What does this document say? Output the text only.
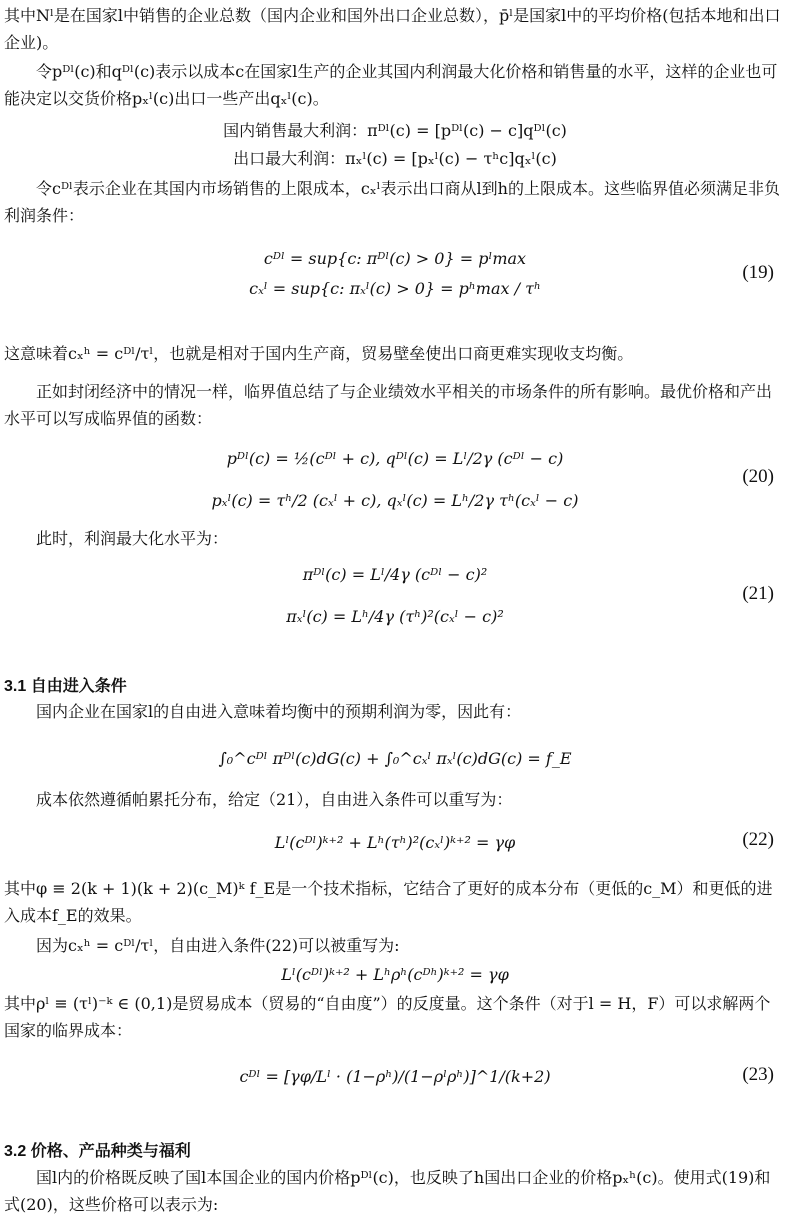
其中Nˡ是在国家l中销售的企业总数（国内企业和国外出口企业总数），p̄ˡ是国家l中的平均价格(包括本地和出口企业)。

令pᴰˡ(c)和qᴰˡ(c)表示以成本c在国家l生产的企业其国内利润最大化价格和销售量的水平，这样的企业也可能决定以交货价格pₓˡ(c)出口一些产出qₓˡ(c)。

国内销售最大利润：πᴰˡ(c) = [pᴰˡ(c) − c]qᴰˡ(c)
出口最大利润：πₓˡ(c) = [pₓˡ(c) − τʰc]qₓˡ(c)

令cᴰˡ表示企业在其国内市场销售的上限成本，cₓˡ表示出口商从l到h的上限成本。这些临界值必须满足非负利润条件：

cᴰˡ = sup{c: πᴰˡ(c) > 0} = pˡmax
cₓˡ = sup{c: πₓˡ(c) > 0} = pʰmax / τʰ
(19)

这意味着cₓʰ = cᴰˡ/τˡ，也就是相对于国内生产商，贸易壁垒使出口商更难实现收支均衡。

正如封闭经济中的情况一样，临界值总结了与企业绩效水平相关的市场条件的所有影响。最优价格和产出水平可以写成临界值的函数：

pᴰˡ(c) = ½(cᴰˡ + c), qᴰˡ(c) = Lˡ/2γ (cᴰˡ − c)
pₓˡ(c) = τʰ/2 (cₓˡ + c), qₓˡ(c) = Lʰ/2γ τʰ(cₓˡ − c)
(20)

此时，利润最大化水平为：

πᴰˡ(c) = Lˡ/4γ (cᴰˡ − c)²
πₓˡ(c) = Lʰ/4γ (τʰ)²(cₓˡ − c)²
(21)
3.1 自由进入条件

国内企业在国家l的自由进入意味着均衡中的预期利润为零，因此有：

∫₀^cᴰˡ πᴰˡ(c)dG(c) + ∫₀^cₓˡ πₓˡ(c)dG(c) = f_E

成本依然遵循帕累托分布，给定（21），自由进入条件可以重写为：

Lˡ(cᴰˡ)ᵏ⁺² + Lʰ(τʰ)²(cₓˡ)ᵏ⁺² = γφ	(22)

其中φ ≡ 2(k + 1)(k + 2)(c_M)ᵏ f_E是一个技术指标，它结合了更好的成本分布（更低的c_M）和更低的进入成本f_E的效果。

因为cₓʰ = cᴰˡ/τˡ，自由进入条件(22)可以被重写为:

Lˡ(cᴰˡ)ᵏ⁺² + Lʰρʰ(cᴰʰ)ᵏ⁺² = γφ

其中ρˡ ≡ (τˡ)⁻ᵏ ∈ (0,1)是贸易成本（贸易的“自由度”）的反度量。这个条件（对于l = H，F）可以求解两个国家的临界成本：

cᴰˡ = [γφ/Lˡ · (1−ρʰ)/(1−ρˡρʰ)]^1/(k+2)	(23)
3.2 价格、产品种类与福利

国l内的价格既反映了国l本国企业的国内价格pᴰˡ(c)，也反映了h国出口企业的价格pₓʰ(c)。使用式(19)和式(20)，这些价格可以表示为:
